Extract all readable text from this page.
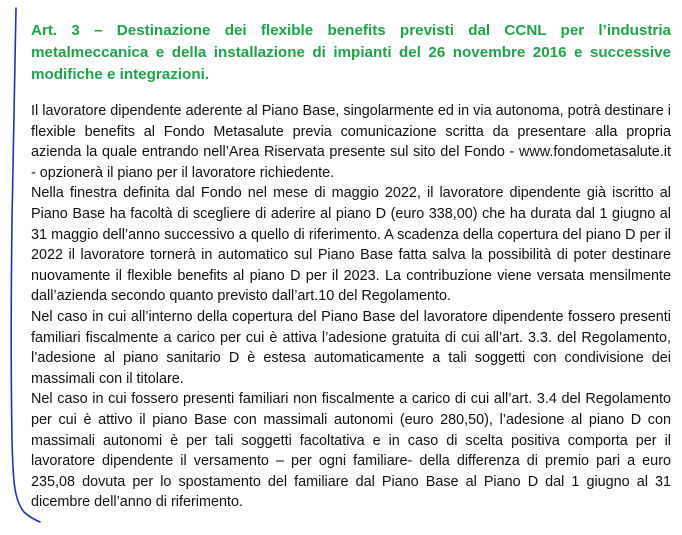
Art. 3 – Destinazione dei flexible benefits previsti dal CCNL per l’industria metalmeccanica e della installazione di impianti del 26 novembre 2016 e successive modifiche e integrazioni.

Il lavoratore dipendente aderente al Piano Base, singolarmente ed in via autonoma, potrà destinare i flexible benefits al Fondo Metasalute previa comunicazione scritta da presentare alla propria azienda la quale entrando nell’Area Riservata presente sul sito del Fondo - www.fondometasalute.it - opzionerà il piano per il lavoratore richiedente.

Nella finestra definita dal Fondo nel mese di maggio 2022, il lavoratore dipendente già iscritto al Piano Base ha facoltà di scegliere di aderire al piano D (euro 338,00) che ha durata dal 1 giugno al 31 maggio dell’anno successivo a quello di riferimento. A scadenza della copertura del piano D per il 2022 il lavoratore tornerà in automatico sul Piano Base fatta salva la possibilità di poter destinare nuovamente il flexible benefits al piano D per il 2023. La contribuzione viene versata mensilmente dall’azienda secondo quanto previsto dall’art.10 del Regolamento.

Nel caso in cui all’interno della copertura del Piano Base del lavoratore dipendente fossero presenti familiari fiscalmente a carico per cui è attiva l’adesione gratuita di cui all’art. 3.3. del Regolamento, l’adesione al piano sanitario D è estesa automaticamente a tali soggetti con condivisione dei massimali con il titolare.

Nel caso in cui fossero presenti familiari non fiscalmente a carico di cui all’art. 3.4 del Regolamento per cui è attivo il piano Base con massimali autonomi (euro 280,50), l’adesione al piano D con massimali autonomi è per tali soggetti facoltativa e in caso di scelta positiva comporta per il lavoratore dipendente il versamento – per ogni familiare- della differenza di premio pari a euro 235,08 dovuta per lo spostamento del familiare dal Piano Base al Piano D dal 1 giugno al 31 dicembre dell’anno di riferimento.
